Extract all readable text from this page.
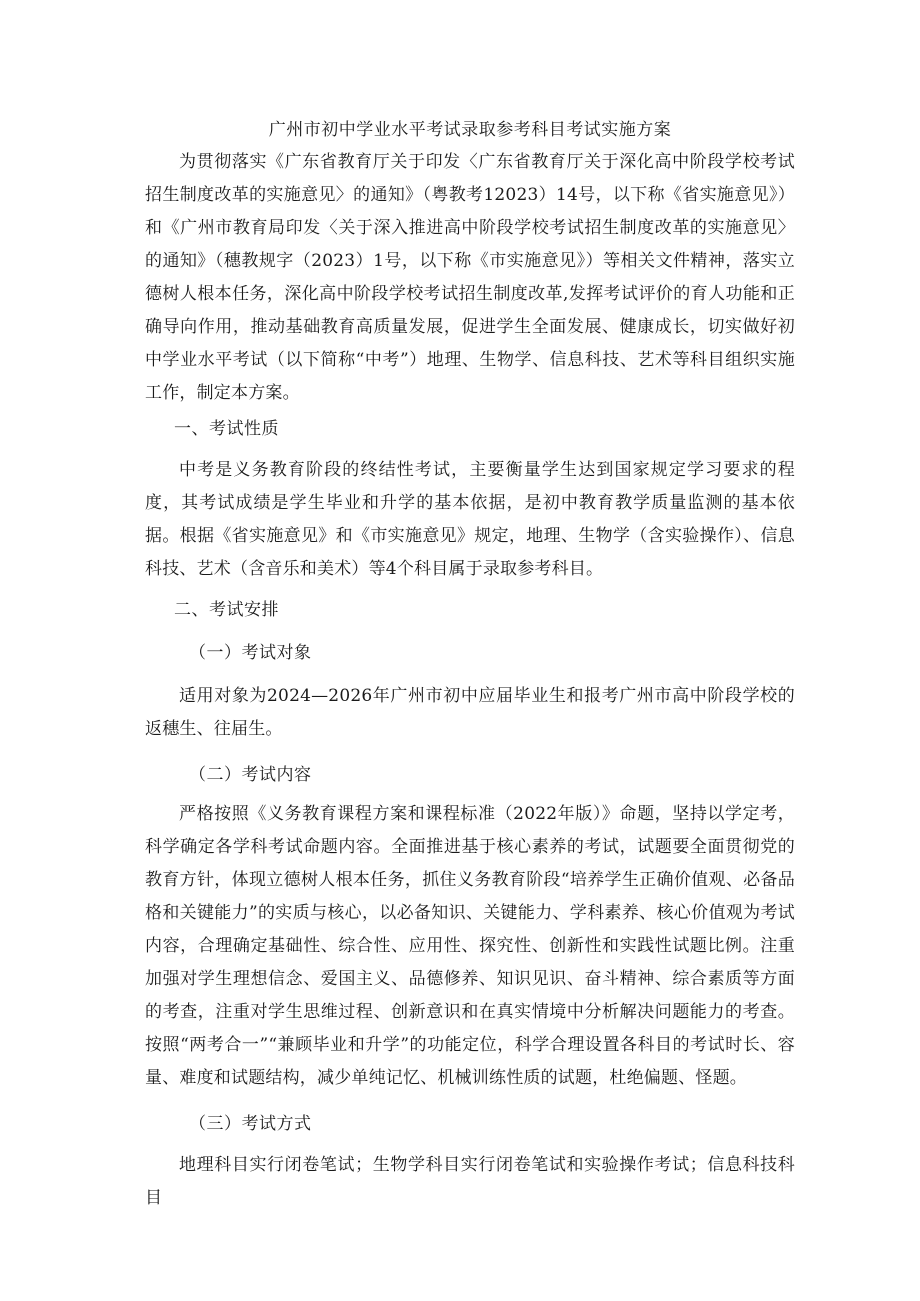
广州市初中学业水平考试录取参考科目考试实施方案

为贯彻落实《广东省教育厅关于印发〈广东省教育厅关于深化高中阶段学校考试招生制度改革的实施意见〉的通知》（粤教考12023）14号，以下称《省实施意见》）和《广州市教育局印发〈关于深入推进高中阶段学校考试招生制度改革的实施意见〉的通知》（穗教规字（2023）1号，以下称《市实施意见》）等相关文件精神，落实立德树人根本任务，深化高中阶段学校考试招生制度改革,发挥考试评价的育人功能和正确导向作用，推动基础教育高质量发展，促进学生全面发展、健康成长，切实做好初中学业水平考试（以下简称“中考”）地理、生物学、信息科技、艺术等科目组织实施工作，制定本方案。

一、考试性质

中考是义务教育阶段的终结性考试，主要衡量学生达到国家规定学习要求的程度，其考试成绩是学生毕业和升学的基本依据，是初中教育教学质量监测的基本依据。根据《省实施意见》和《市实施意见》规定，地理、生物学（含实验操作）、信息科技、艺术（含音乐和美术）等4个科目属于录取参考科目。

二、考试安排
（一）考试对象

适用对象为2024—2026年广州市初中应届毕业生和报考广州市高中阶段学校的返穗生、往届生。

（二）考试内容

严格按照《义务教育课程方案和课程标准（2022年版）》命题，坚持以学定考，科学确定各学科考试命题内容。全面推进基于核心素养的考试，试题要全面贯彻党的教育方针，体现立德树人根本任务，抓住义务教育阶段“培养学生正确价值观、必备品格和关键能力”的实质与核心，以必备知识、关键能力、学科素养、核心价值观为考试内容，合理确定基础性、综合性、应用性、探究性、创新性和实践性试题比例。注重加强对学生理想信念、爱国主义、品德修养、知识见识、奋斗精神、综合素质等方面的考查，注重对学生思维过程、创新意识和在真实情境中分析解决问题能力的考查。按照“两考合一”“兼顾毕业和升学”的功能定位，科学合理设置各科目的考试时长、容量、难度和试题结构，减少单纯记忆、机械训练性质的试题，杜绝偏题、怪题。

（三）考试方式

地理科目实行闭卷笔试；生物学科目实行闭卷笔试和实验操作考试；信息科技科目
